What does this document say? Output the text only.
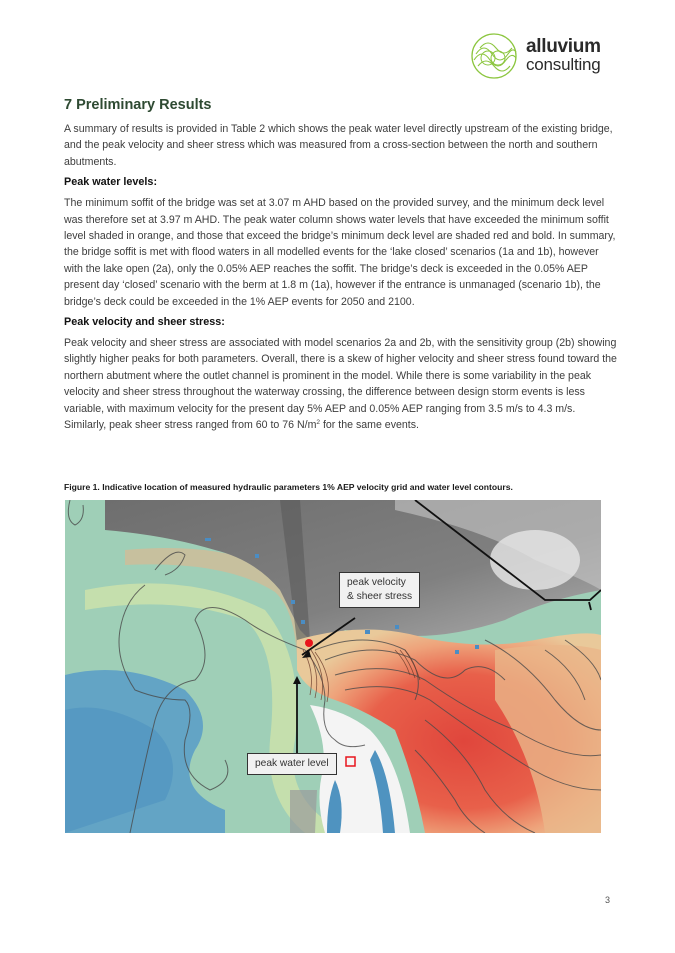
alluvium
consulting
7 Preliminary Results

A summary of results is provided in Table 2 which shows the peak water level directly upstream of the existing bridge, and the peak velocity and sheer stress which was measured from a cross-section between the north and southern abutments.

Peak water levels:

The minimum soffit of the bridge was set at 3.07 m AHD based on the provided survey, and the minimum deck level was therefore set at 3.97 m AHD. The peak water column shows water levels that have exceeded the minimum soffit level shaded in orange, and those that exceed the bridge’s minimum deck level are shaded red and bold. In summary, the bridge soffit is met with flood waters in all modelled events for the ‘lake closed’ scenarios (1a and 1b), however with the lake open (2a), only the 0.05% AEP reaches the soffit. The bridge’s deck is exceeded in the 0.05% AEP present day ‘closed’ scenario with the berm at 1.8 m (1a), however if the entrance is unmanaged (scenario 1b), the bridge’s deck could be exceeded in the 1% AEP events for 2050 and 2100.

Peak velocity and sheer stress:

Peak velocity and sheer stress are associated with model scenarios 2a and 2b, with the sensitivity group (2b) showing slightly higher peaks for both parameters. Overall, there is a skew of higher velocity and sheer stress found toward the northern abutment where the outlet channel is prominent in the model. While there is some variability in the peak velocity and sheer stress throughout the waterway crossing, the difference between design storm events is less variable, with maximum velocity for the present day 5% AEP and 0.05% AEP ranging from 3.5 m/s to 4.3 m/s. Similarly, peak sheer stress ranged from 60 to 76 $N/m^2$ for the same events.

Figure 1. Indicative location of measured hydraulic parameters 1% AEP velocity grid and water level contours.
peak velocity
& sheer stress
peak water level
3
